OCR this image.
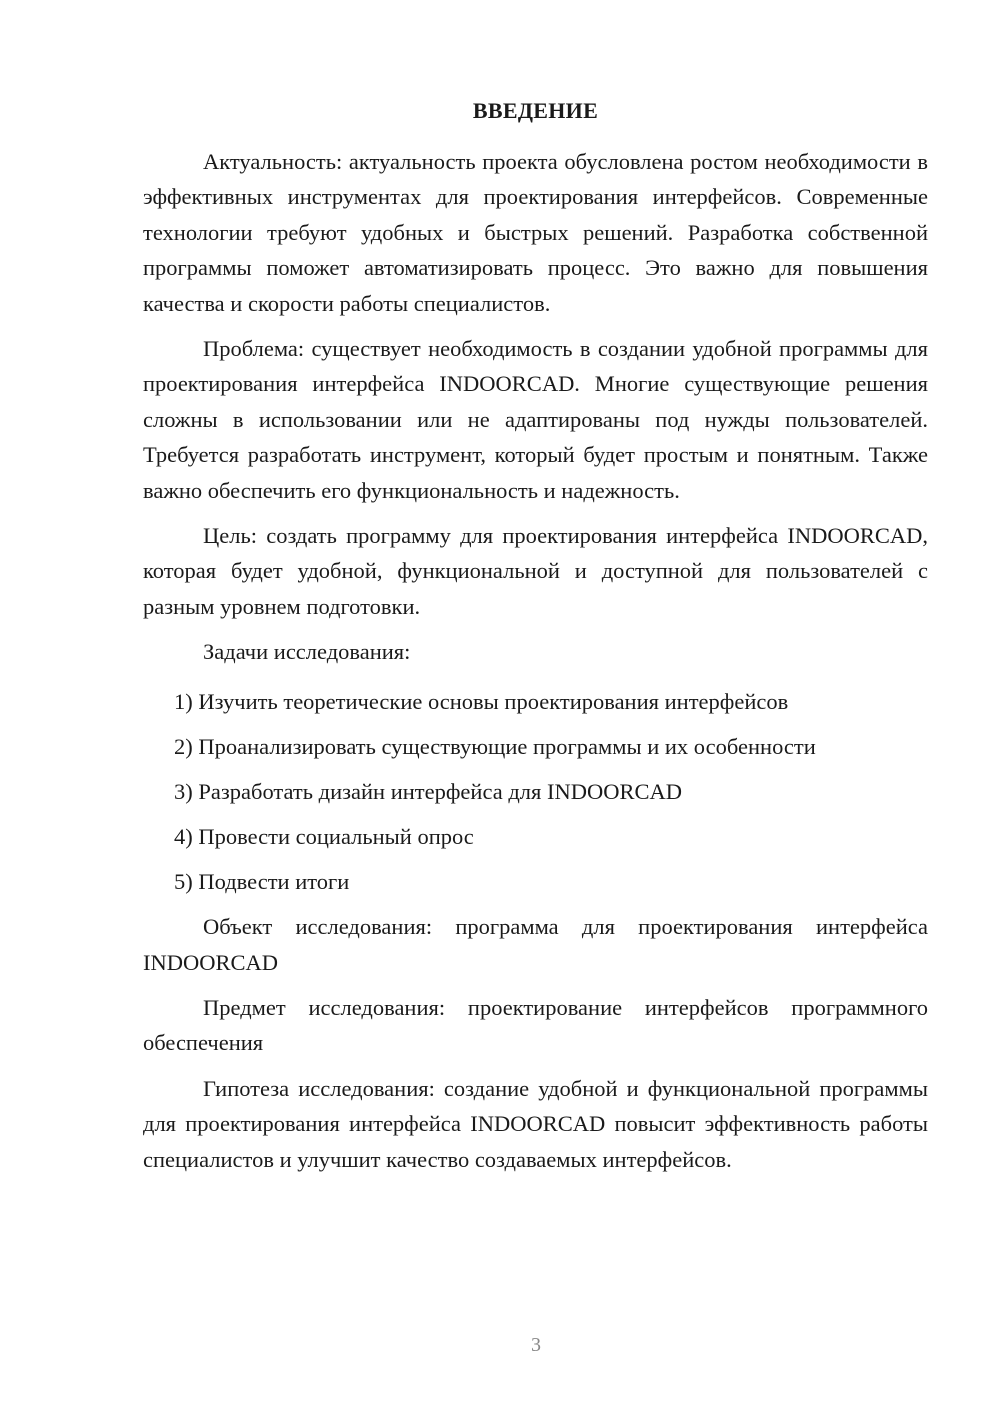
ВВЕДЕНИЕ

Актуальность: актуальность проекта обусловлена ростом необходимости в эффективных инструментах для проектирования интерфейсов. Современные технологии требуют удобных и быстрых решений. Разработка собственной программы поможет автоматизировать процесс. Это важно для повышения качества и скорости работы специалистов.

Проблема: существует необходимость в создании удобной программы для проектирования интерфейса INDOORCAD. Многие существующие решения сложны в использовании или не адаптированы под нужды пользователей. Требуется разработать инструмент, который будет простым и понятным. Также важно обеспечить его функциональность и надежность.

Цель: создать программу для проектирования интерфейса INDOORCAD, которая будет удобной, функциональной и доступной для пользователей с разным уровнем подготовки.

Задачи исследования:

1) Изучить теоретические основы проектирования интерфейсов
2) Проанализировать существующие программы и их особенности
3) Разработать дизайн интерфейса для INDOORCAD
4) Провести социальный опрос
5) Подвести итоги

Объект исследования: программа для проектирования интерфейса INDOORCAD

Предмет исследования: проектирование интерфейсов программного обеспечения

Гипотеза исследования: создание удобной и функциональной программы для проектирования интерфейса INDOORCAD повысит эффективность работы специалистов и улучшит качество создаваемых интерфейсов.

3
